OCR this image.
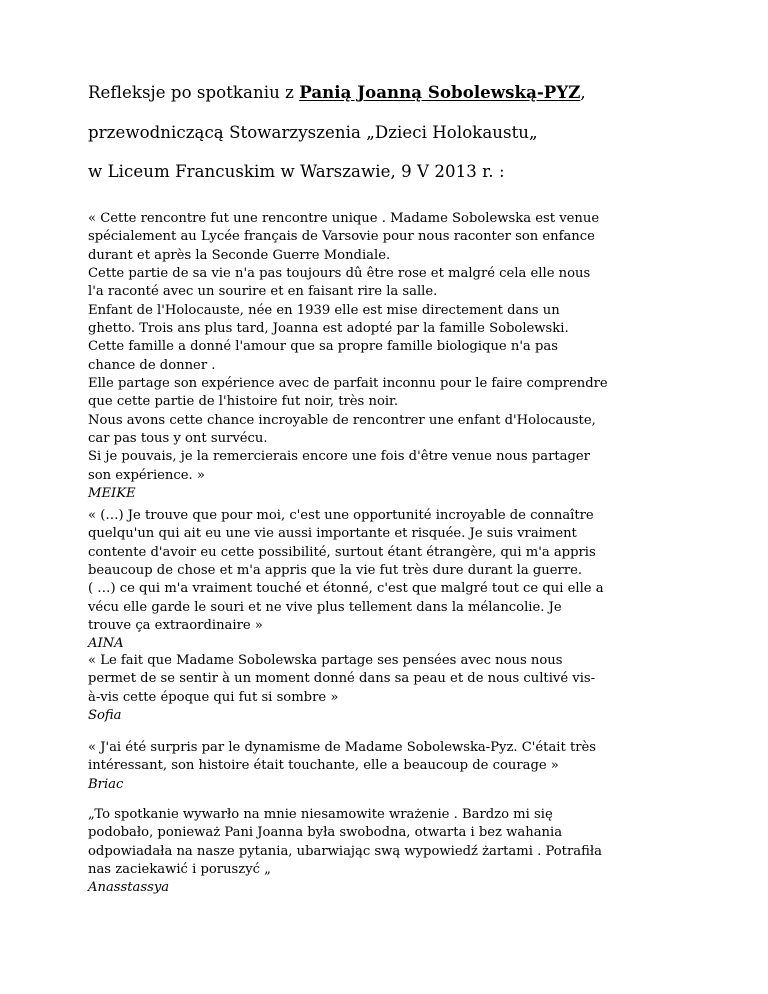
Refleksje po spotkaniu z Panią Joanną Sobolewską-PYZ,
przewodniczącą Stowarzyszenia „Dzieci Holokaustu„
w Liceum Francuskim w Warszawie, 9 V 2013 r. :

« Cette rencontre fut une rencontre unique . Madame Sobolewska est venue
spécialement au Lycée français de Varsovie pour nous raconter son enfance
durant et après la Seconde Guerre Mondiale.
Cette partie de sa vie n'a pas toujours dû être rose et malgré cela elle nous
l'a raconté avec un sourire et en faisant rire la salle.
Enfant de l'Holocauste, née en 1939 elle est mise directement dans un
ghetto. Trois ans plus tard, Joanna est adopté par la famille Sobolewski.
Cette famille a donné l'amour que sa propre famille biologique n'a pas
chance de donner .
Elle partage son expérience avec de parfait inconnu pour le faire comprendre
que cette partie de l'histoire fut noir, très noir.
Nous avons cette chance incroyable de rencontrer une enfant d'Holocauste,
car pas tous y ont survécu.
Si je pouvais, je la remercierais encore une fois d'être venue nous partager
son expérience. »

MEIKE

« (…) Je trouve que pour moi, c'est une opportunité incroyable de connaître
quelqu'un qui ait eu une vie aussi importante et risquée. Je suis vraiment
contente d'avoir eu cette possibilité, surtout étant étrangère, qui m'a appris
beaucoup de chose et m'a appris que la vie fut très dure durant la guerre.
( …) ce qui m'a vraiment touché et étonné, c'est que malgré tout ce qui elle a
vécu elle garde le souri et ne vive plus tellement dans la mélancolie. Je
trouve ça extraordinaire »

AINA

« Le fait que Madame Sobolewska partage ses pensées avec nous nous
permet de se sentir à un moment donné dans sa peau et de nous cultivé vis-
à-vis cette époque qui fut si sombre »

Sofia

« J'ai été surpris par le dynamisme de Madame Sobolewska-Pyz. C'était très
intéressant, son histoire était touchante, elle a beaucoup de courage »

Briac

„To spotkanie wywarło na mnie niesamowite wrażenie . Bardzo mi się
podobało, ponieważ Pani Joanna była swobodna, otwarta i bez wahania
odpowiadała na nasze pytania, ubarwiając swą wypowiedź żartami . Potrafiła
nas zaciekawić i poruszyć „

Anasstassya
